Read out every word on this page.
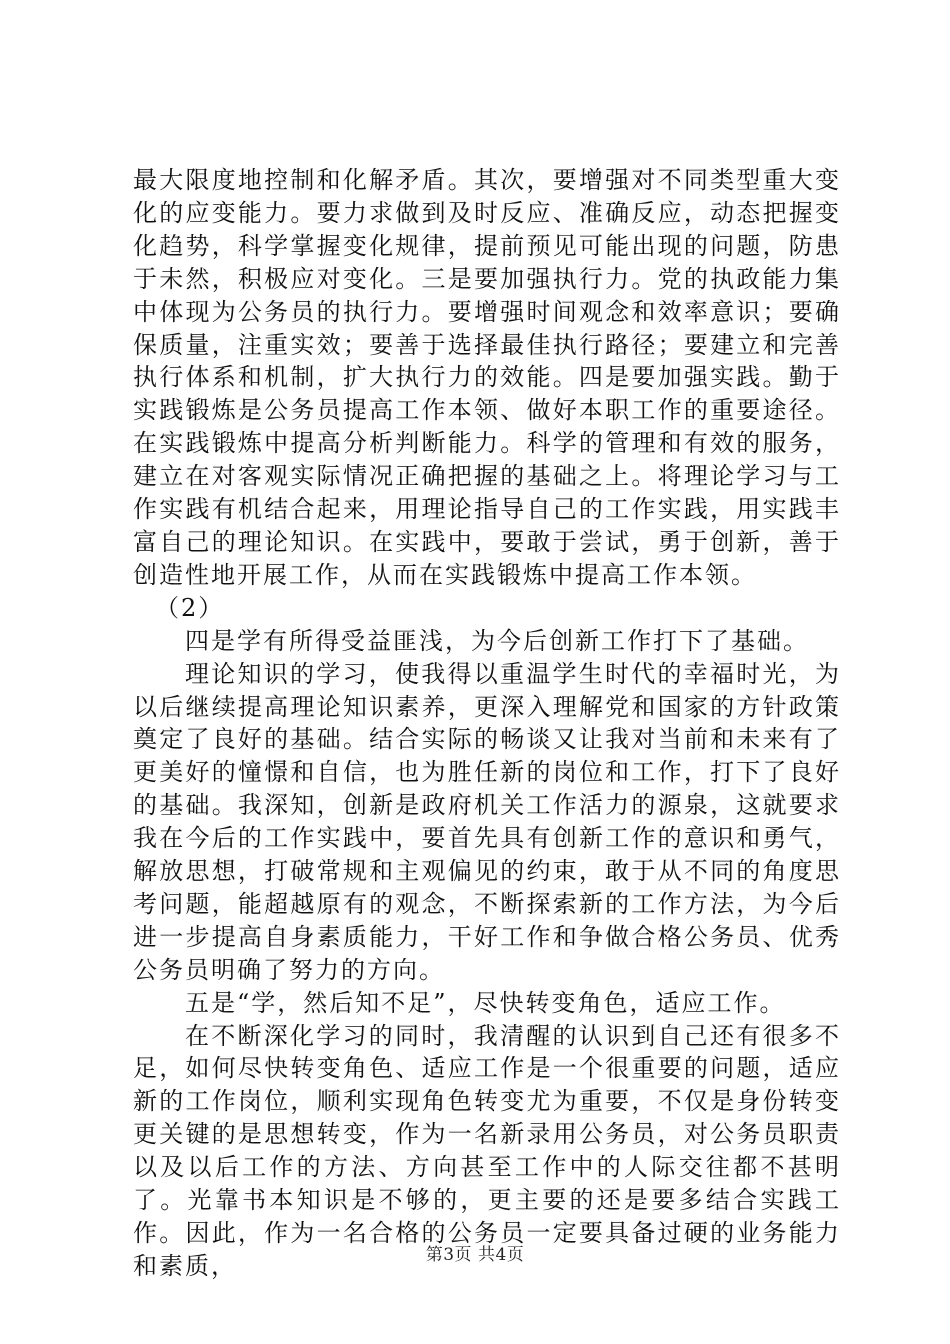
最大限度地控制和化解矛盾。其次，要增强对不同类型重大变化的应变能力。要力求做到及时反应、准确反应，动态把握变化趋势，科学掌握变化规律，提前预见可能出现的问题，防患于未然，积极应对变化。三是要加强执行力。党的执政能力集中体现为公务员的执行力。要增强时间观念和效率意识；要确保质量，注重实效；要善于选择最佳执行路径；要建立和完善执行体系和机制，扩大执行力的效能。四是要加强实践。勤于实践锻炼是公务员提高工作本领、做好本职工作的重要途径。在实践锻炼中提高分析判断能力。科学的管理和有效的服务，建立在对客观实际情况正确把握的基础之上。将理论学习与工作实践有机结合起来，用理论指导自己的工作实践，用实践丰富自己的理论知识。在实践中，要敢于尝试，勇于创新，善于创造性地开展工作，从而在实践锻炼中提高工作本领。

（2）

四是学有所得受益匪浅，为今后创新工作打下了基础。

理论知识的学习，使我得以重温学生时代的幸福时光，为以后继续提高理论知识素养，更深入理解党和国家的方针政策奠定了良好的基础。结合实际的畅谈又让我对当前和未来有了更美好的憧憬和自信，也为胜任新的岗位和工作，打下了良好的基础。我深知，创新是政府机关工作活力的源泉，这就要求我在今后的工作实践中，要首先具有创新工作的意识和勇气，解放思想，打破常规和主观偏见的约束，敢于从不同的角度思考问题，能超越原有的观念，不断探索新的工作方法，为今后进一步提高自身素质能力，干好工作和争做合格公务员、优秀公务员明确了努力的方向。

五是“学，然后知不足”，尽快转变角色，适应工作。

在不断深化学习的同时，我清醒的认识到自己还有很多不足，如何尽快转变角色、适应工作是一个很重要的问题，适应新的工作岗位，顺利实现角色转变尤为重要，不仅是身份转变更关键的是思想转变，作为一名新录用公务员，对公务员职责以及以后工作的方法、方向甚至工作中的人际交往都不甚明了。光靠书本知识是不够的，更主要的还是要多结合实践工作。因此，作为一名合格的公务员一定要具备过硬的业务能力和素质，	第3页 共4页
